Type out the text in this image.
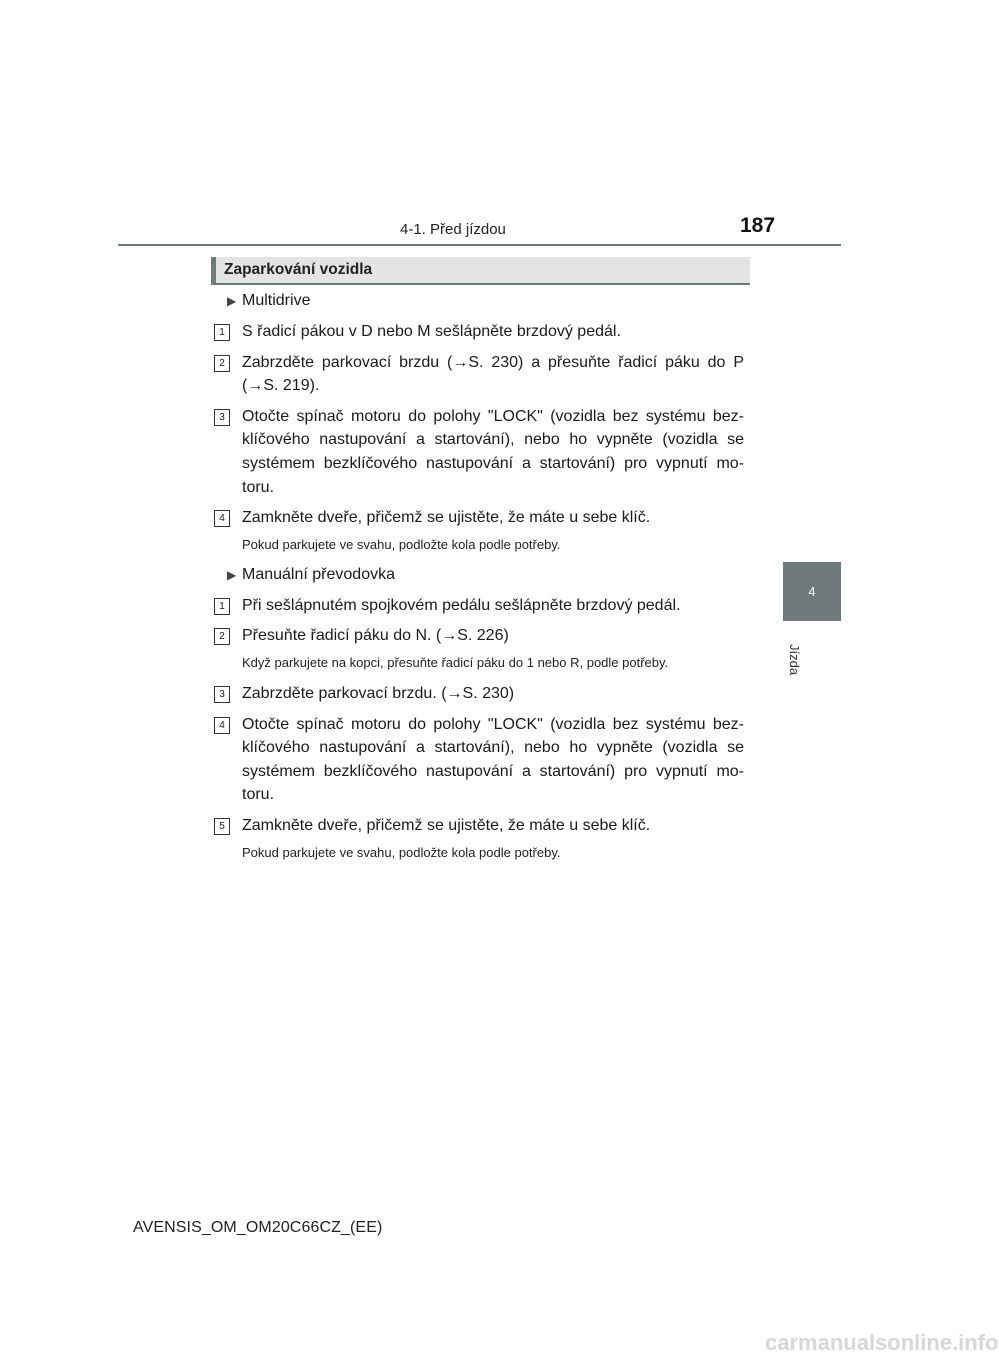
4-1. Před jízdou	187
4
Jízda
Zaparkování vozidla
▶ Multidrive
1	S řadicí pákou v D nebo M sešlápněte brzdový pedál.
2	Zabrzděte parkovací brzdu (→S. 230) a přesuňte řadicí páku do P (→S. 219).
3	Otočte spínač motoru do polohy "LOCK" (vozidla bez systému bez-klíčového nastupování a startování), nebo ho vypněte (vozidla se systémem bezklíčového nastupování a startování) pro vypnutí mo-toru.
4	Zamkněte dveře, přičemž se ujistěte, že máte u sebe klíč.
Pokud parkujete ve svahu, podložte kola podle potřeby.
▶ Manuální převodovka
1	Při sešlápnutém spojkovém pedálu sešlápněte brzdový pedál.
2	Přesuňte řadicí páku do N. (→S. 226)
Když parkujete na kopci, přesuňte řadicí páku do 1 nebo R, podle potřeby.
3	Zabrzděte parkovací brzdu. (→S. 230)
4	Otočte spínač motoru do polohy "LOCK" (vozidla bez systému bez-klíčového nastupování a startování), nebo ho vypněte (vozidla se systémem bezklíčového nastupování a startování) pro vypnutí mo-toru.
5	Zamkněte dveře, přičemž se ujistěte, že máte u sebe klíč.
Pokud parkujete ve svahu, podložte kola podle potřeby.
AVENSIS_OM_OM20C66CZ_(EE)
carmanualsonline.info
